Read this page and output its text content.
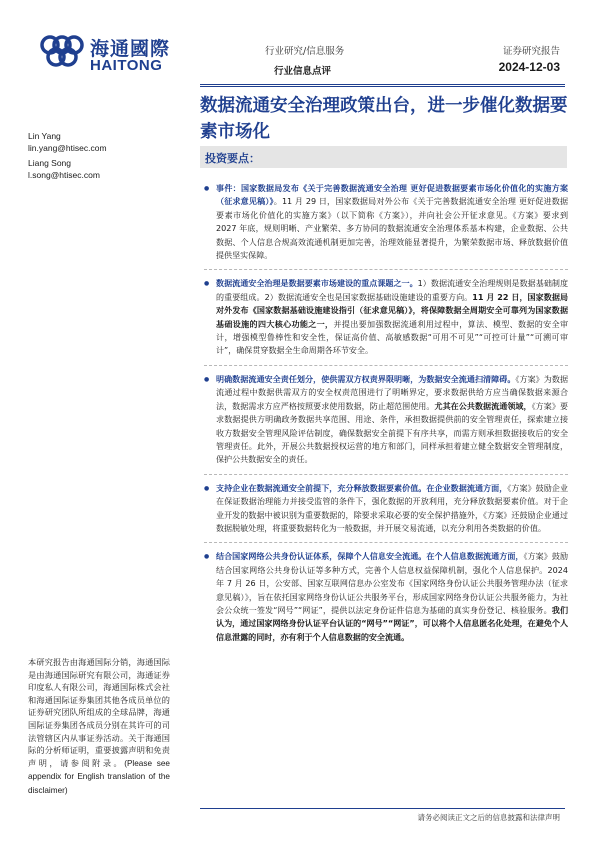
海通國際
HAITONG
行业研究/信息服务
行业信息点评
证券研究报告
2024-12-03
数据流通安全治理政策出台，进一步催化数据要素市场化
Lin Yang
lin.yang@htisec.com
Liang Song
l.song@htisec.com
投资要点：
● 事件：国家数据局发布《关于完善数据流通安全治理 更好促进数据要素市场化价值化的实施方案（征求意见稿）》。11 月 29 日，国家数据局对外公布《关于完善数据流通安全治理 更好促进数据要素市场化价值化的实施方案》（以下简称《方案》），并向社会公开征求意见。《方案》要求到 2027 年底，规则明晰、产业繁荣、多方协同的数据流通安全治理体系基本构建，企业数据、公共数据、个人信息合规高效流通机制更加完善，治理效能显著提升，为繁荣数据市场、释放数据价值提供坚实保障。
● 数据流通安全治理是数据要素市场建设的重点课题之一。1）数据流通安全治理规则是数据基础制度的重要组成。2）数据流通安全也是国家数据基础设施建设的重要方向。11 月 22 日，国家数据局对外发布《国家数据基础设施建设指引（征求意见稿）》，将保障数据全周期安全可靠列为国家数据基础设施的四大核心功能之一，并提出要加强数据流通利用过程中，算法、模型、数据的安全审计，增强模型鲁棒性和安全性，保证高价值、高敏感数据“可用不可见”“可控可计量”“可溯可审计”，确保贯穿数据全生命周期各环节安全。
● 明确数据流通安全责任划分，使供需双方权责界限明晰，为数据安全流通扫清障碍。《方案》为数据流通过程中数据供需双方的安全权责范围进行了明晰界定，要求数据供给方应当确保数据来源合法，数据需求方应严格按照要求使用数据，防止超范围使用。尤其在公共数据流通领域，《方案》要求数据提供方明确政务数据共享范围、用途、条件，承担数据提供前的安全管理责任，探索建立接收方数据安全管理风险评估制度，确保数据安全前提下有序共享，而需方则承担数据接收后的安全管理责任。此外，开展公共数据授权运营的地方和部门，同样承担着建立健全数据安全管理制度，保护公共数据安全的责任。
● 支持企业在数据流通安全前提下，充分释放数据要素价值。在企业数据流通方面，《方案》鼓励企业在保证数据治理能力并接受监管的条件下，强化数据的开放利用，充分释放数据要素价值。对于企业开发的数据中被识别为重要数据的，除要求采取必要的安全保护措施外，《方案》还鼓励企业通过数据脱敏处理，将重要数据转化为一般数据，并开展交易流通，以充分利用各类数据的价值。
● 结合国家网络公共身份认证体系，保障个人信息安全流通。在个人信息数据流通方面，《方案》鼓励结合国家网络公共身份认证等多种方式，完善个人信息权益保障机制，强化个人信息保护。2024 年 7 月 26 日，公安部、国家互联网信息办公室发布《国家网络身份认证公共服务管理办法（征求意见稿）》，旨在依托国家网络身份认证公共服务平台，形成国家网络身份认证公共服务能力，为社会公众统一签发“网号”“网证”，提供以法定身份证件信息为基础的真实身份登记、核验服务。我们认为，通过国家网络身份认证平台认证的“网号”“网证”，可以将个人信息匿名化处理，在避免个人信息泄露的同时，亦有利于个人信息数据的安全流通。
本研究报告由海通国际分销，海通国际是由海通国际研究有限公司，海通证券印度私人有限公司，海通国际株式会社和海通国际证券集团其他各成员单位的证券研究团队所组成的全球品牌，海通国际证券集团各成员分别在其许可的司法管辖区内从事证券活动。关于海通国际的分析师证明，重要披露声明和免责声明，请参阅附录。(Please see appendix for English translation of the disclaimer)
请务必阅读正文之后的信息披露和法律声明
